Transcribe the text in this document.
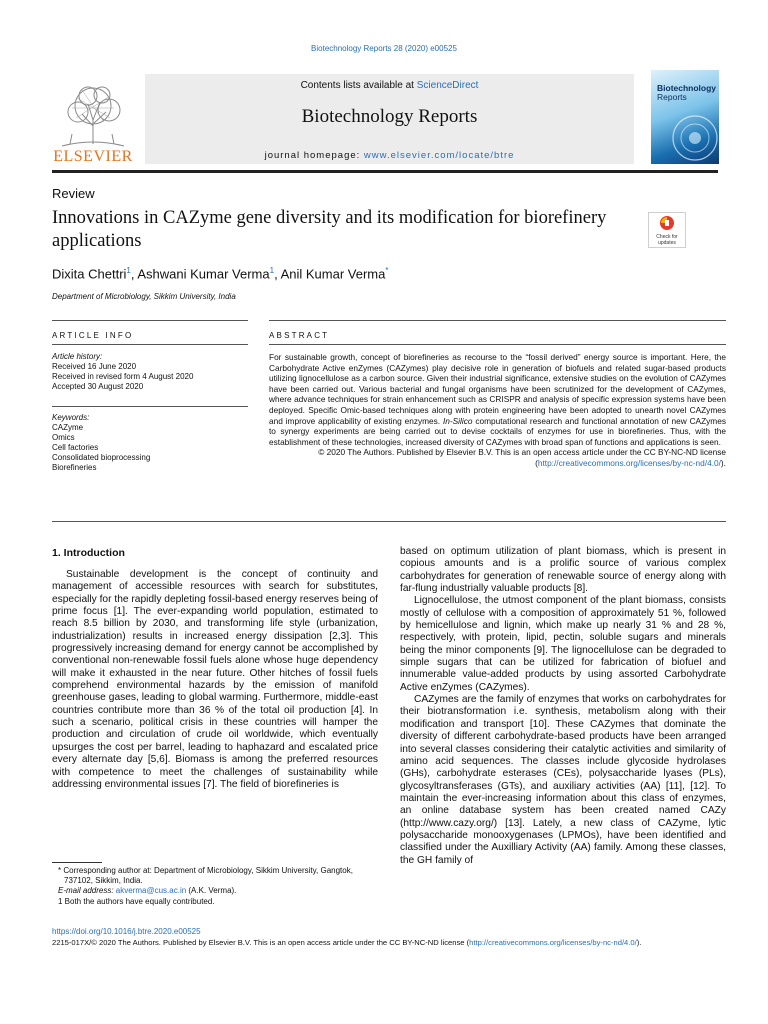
Biotechnology Reports 28 (2020) e00525
Contents lists available at ScienceDirect
Biotechnology Reports
journal homepage: www.elsevier.com/locate/btre
ELSEVIER
Biotechnology
Reports
Review
Innovations in CAZyme gene diversity and its modification for biorefinery applications	Check for updates
Dixita Chettri$^1$, Ashwani Kumar Verma$^1$, Anil Kumar Verma*
Department of Microbiology, Sikkim University, India
ARTICLE INFO	ABSTRACT
Article history:
Received 16 June 2020
Received in revised form 4 August 2020
Accepted 30 August 2020
Keywords:
CAZyme
Omics
Cell factories
Consolidated bioprocessing
Biorefineries
For sustainable growth, concept of biorefineries as recourse to the “fossil derived” energy source is important. Here, the Carbohydrate Active enZymes (CAZymes) play decisive role in generation of biofuels and related sugar-based products utilizing lignocellulose as a carbon source. Given their industrial significance, extensive studies on the evolution of CAZymes have been carried out. Various bacterial and fungal organisms have been scrutinized for the development of CAZymes, where advance techniques for strain enhancement such as CRISPR and analysis of specific expression systems have been deployed. Specific Omic-based techniques along with protein engineering have been adopted to unearth novel CAZymes and improve applicability of existing enzymes. In-Silico computational research and functional annotation of new CAZymes to synergy experiments are being carried out to devise cocktails of enzymes for use in biorefineries. Thus, with the establishment of these technologies, increased diversity of CAZymes with broad span of functions and applications is seen.
© 2020 The Authors. Published by Elsevier B.V. This is an open access article under the CC BY-NC-ND license (http://creativecommons.org/licenses/by-nc-nd/4.0/).
1. Introduction

Sustainable development is the concept of continuity and management of accessible resources with search for substitutes, especially for the rapidly depleting fossil-based energy reserves being of prime focus [1]. The ever-expanding world population, estimated to reach 8.5 billion by 2030, and transforming life style (urbanization, industrialization) results in increased energy dissipation [2,3]. This progressively increasing demand for energy cannot be accomplished by conventional non-renewable fossil fuels alone whose huge dependency will make it exhausted in the near future. Other hitches of fossil fuels comprehend environmental hazards by the emission of manifold greenhouse gases, leading to global warming. Furthermore, middle-east countries contribute more than 36 % of the total oil production [4]. In such a scenario, political crisis in these countries will hamper the production and circulation of crude oil worldwide, which eventually upsurges the cost per barrel, leading to haphazard and escalated price every alternate day [5,6]. Biomass is among the preferred resources with competence to meet the challenges of sustainability while addressing environmental issues [7]. The field of biorefineries is

based on optimum utilization of plant biomass, which is present in copious amounts and is a prolific source of various complex carbohydrates for generation of renewable source of energy along with far-flung industrially valuable products [8].

Lignocellulose, the utmost component of the plant biomass, consists mostly of cellulose with a composition of approximately 51 %, followed by hemicellulose and lignin, which make up nearly 31 % and 28 %, respectively, with protein, lipid, pectin, soluble sugars and minerals being the minor components [9]. The lignocellulose can be degraded to simple sugars that can be utilized for fabrication of biofuel and innumerable value-added products by using assorted Carbohydrate Active enZymes (CAZymes).

CAZymes are the family of enzymes that works on carbohydrates for their biotransformation i.e. synthesis, metabolism along with their modification and transport [10]. These CAZymes that dominate the diversity of different carbohydrate-based products have been arranged into several classes considering their catalytic activities and similarity of amino acid sequences. The classes include glycoside hydrolases (GHs), carbohydrate esterases (CEs), polysaccharide lyases (PLs), glycosyltransferases (GTs), and auxiliary activities (AA) [11], [12]. To maintain the ever-increasing information about this class of enzymes, an online database system has been created named CAZy (http://www.cazy.org/) [13]. Lately, a new class of CAZyme, lytic polysaccharide monooxygenases (LPMOs), have been identified and classified under the Auxilliary Activity (AA) family. Among these classes, the GH family of

* Corresponding author at: Department of Microbiology, Sikkim University, Gangtok, 737102, Sikkim, India.
E-mail address: akverma@cus.ac.in (A.K. Verma).
1 Both the authors have equally contributed.
https://doi.org/10.1016/j.btre.2020.e00525
2215-017X/© 2020 The Authors. Published by Elsevier B.V. This is an open access article under the CC BY-NC-ND license (http://creativecommons.org/licenses/by-nc-nd/4.0/).
